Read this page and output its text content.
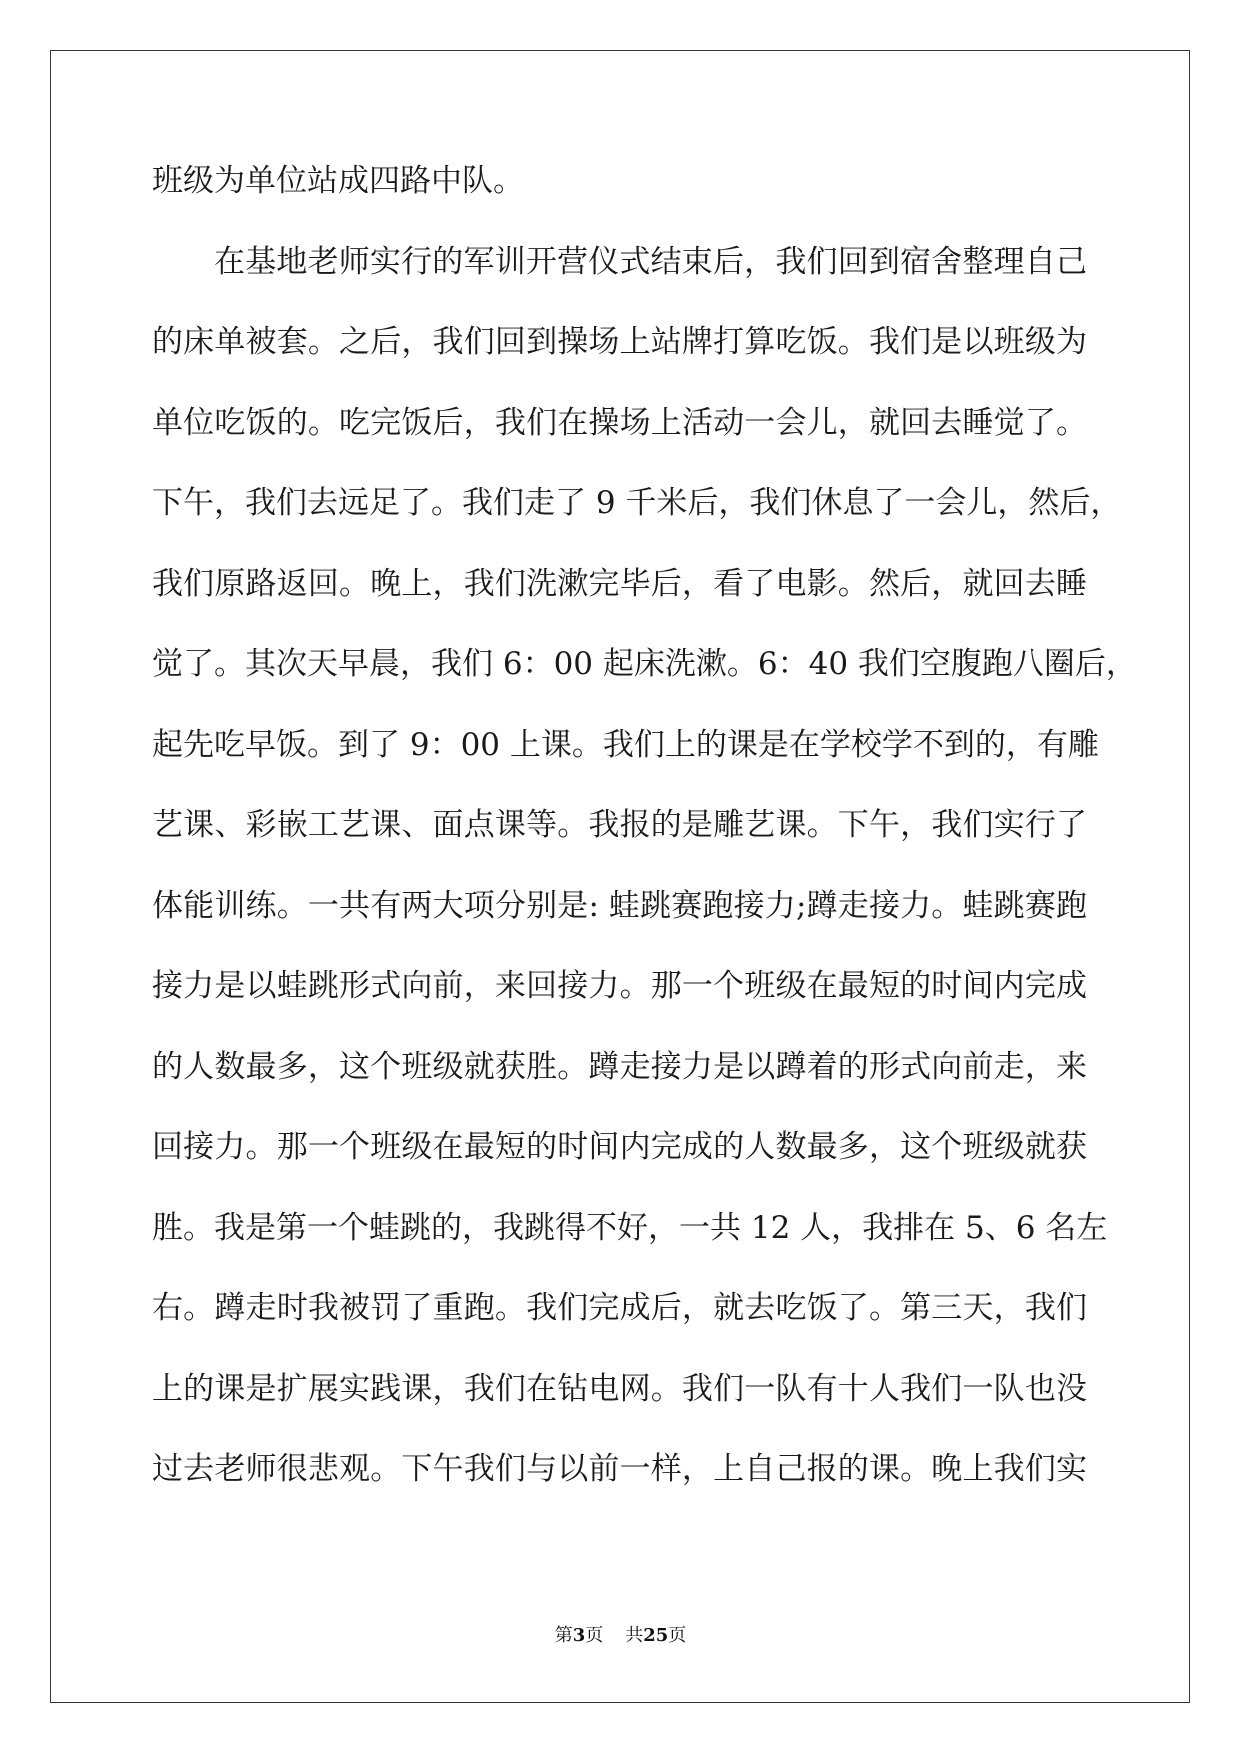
班级为单位站成四路中队。
在基地老师实行的军训开营仪式结束后，我们回到宿舍整理自己
的床单被套。之后，我们回到操场上站牌打算吃饭。我们是以班级为
单位吃饭的。吃完饭后，我们在操场上活动一会儿，就回去睡觉了。
下午，我们去远足了。我们走了 9 千米后，我们休息了一会儿，然后，
我们原路返回。晚上，我们洗漱完毕后，看了电影。然后，就回去睡
觉了。其次天早晨，我们 6：00 起床洗漱。6：40 我们空腹跑八圈后，
起先吃早饭。到了 9：00 上课。我们上的课是在学校学不到的，有雕
艺课、彩嵌工艺课、面点课等。我报的是雕艺课。下午，我们实行了
体能训练。一共有两大项分别是: 蛙跳赛跑接力;蹲走接力。蛙跳赛跑
接力是以蛙跳形式向前，来回接力。那一个班级在最短的时间内完成
的人数最多，这个班级就获胜。蹲走接力是以蹲着的形式向前走，来
回接力。那一个班级在最短的时间内完成的人数最多，这个班级就获
胜。我是第一个蛙跳的，我跳得不好，一共 12 人，我排在 5、6 名左
右。蹲走时我被罚了重跑。我们完成后，就去吃饭了。第三天，我们
上的课是扩展实践课，我们在钻电网。我们一队有十人我们一队也没
过去老师很悲观。下午我们与以前一样，上自己报的课。晚上我们实
第3页 共25页
